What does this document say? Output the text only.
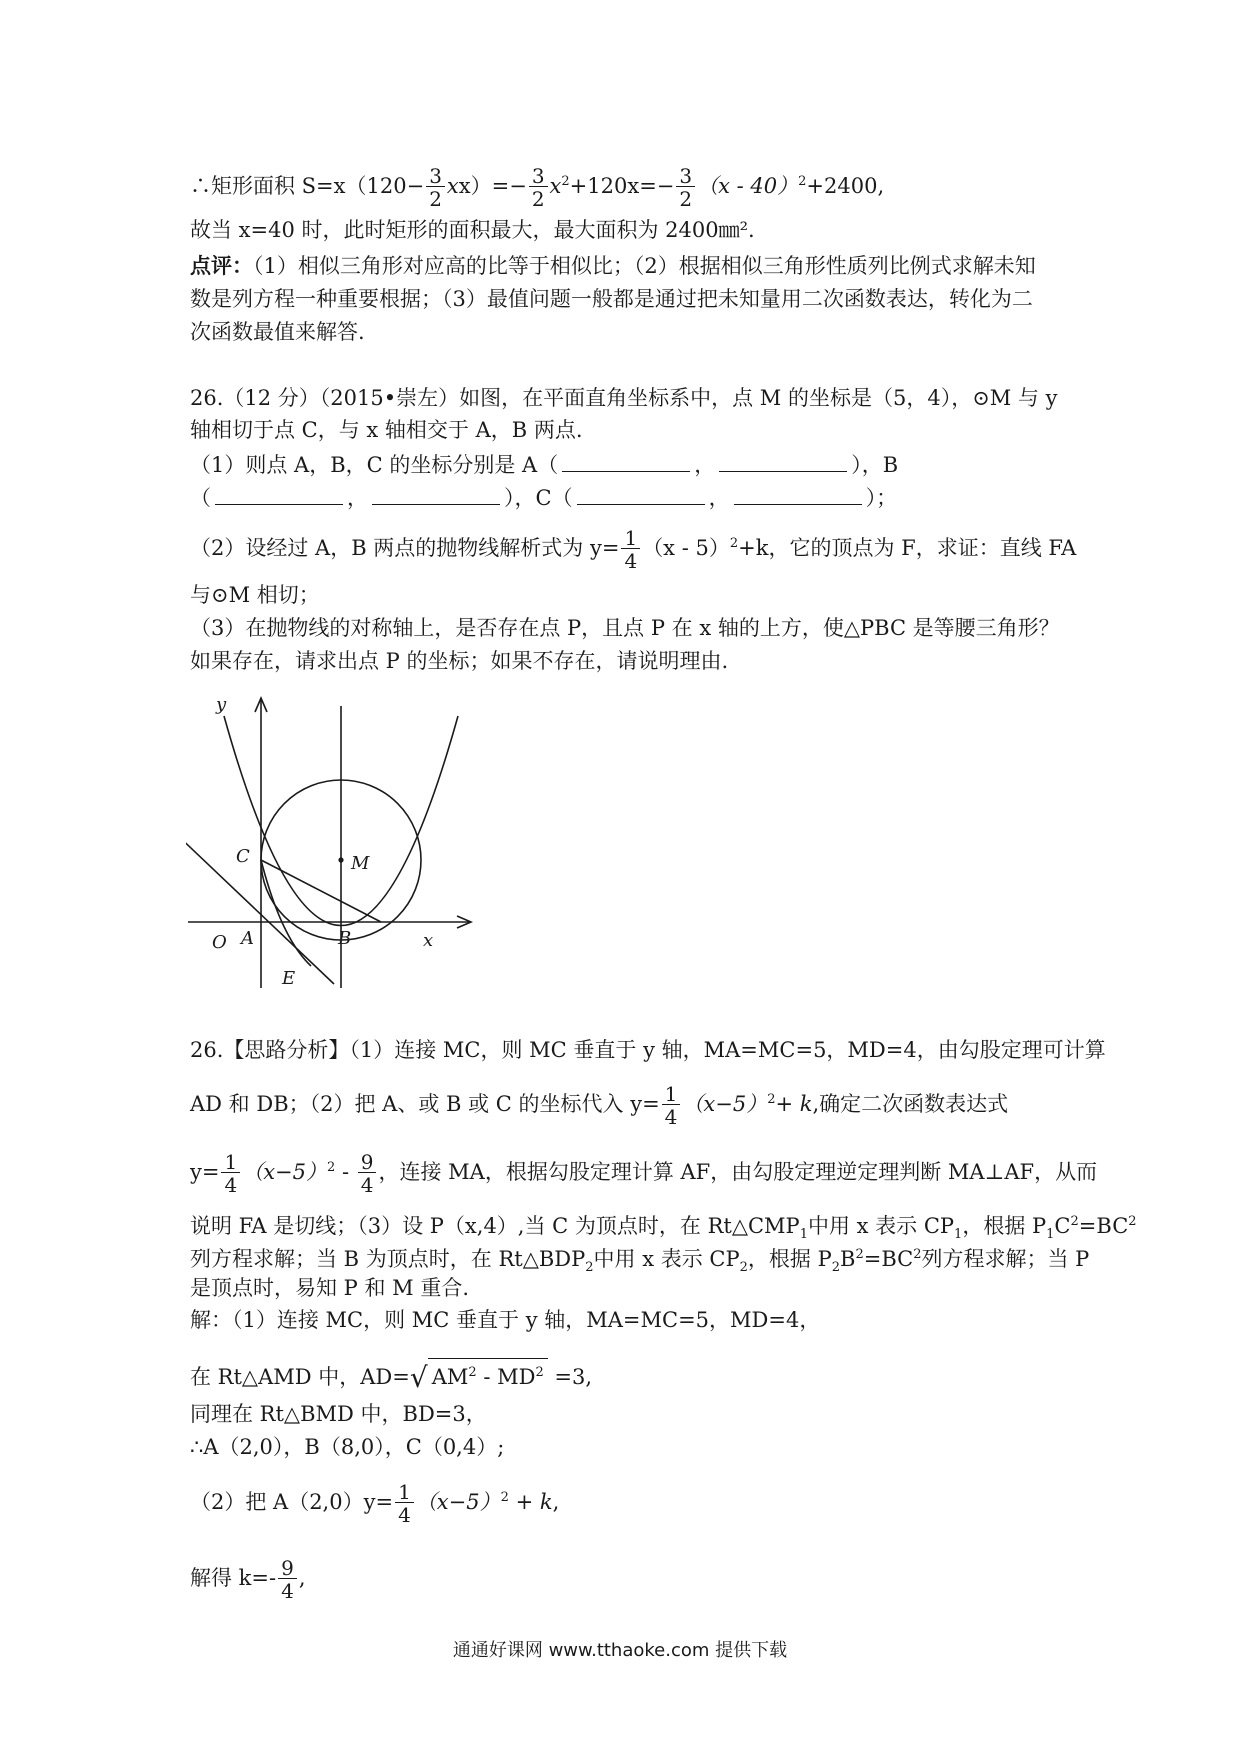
∴矩形面积 $S=x(120- \frac{3}{2} xx)=- \frac{3}{2} x^2+120x=- \frac{3}{2} (x - 40)^2+2400$,
故当 x=40 时，此时矩形的面积最大，最大面积为 2400㎜².
点评：（1）相似三角形对应高的比等于相似比；（2）根据相似三角形性质列比例式求解未知
数是列方程一种重要根据；（3）最值问题一般都是通过把未知量用二次函数表达，转化为二
次函数最值来解答.
26.（12 分）（2015•崇左）如图，在平面直角坐标系中，点 M 的坐标是（5，4），⊙M 与 y
轴相切于点 C，与 x 轴相交于 A，B 两点.
（1）则点 A，B，C 的坐标分别是 A（	，	），B
（	，	），C（	，	）；
（2）设经过 A，B 两点的抛物线解析式为 $y= \frac{1}{4} (x - 5)^2+k$，它的顶点为 F，求证：直线 FA
与⊙M 相切；
（3）在抛物线的对称轴上，是否存在点 P，且点 P 在 x 轴的上方，使△PBC 是等腰三角形？
如果存在，请求出点 P 的坐标；如果不存在，请说明理由.
y
x
C	M
O A	B
E
26.【思路分析】（1）连接 MC，则 MC 垂直于 y 轴，MA=MC=5，MD=4，由勾股定理可计算
AD 和 DB；（2）把 A、或 B 或 C 的坐标代入 $y= \frac{1}{4} (x-5)^2+ k$,确定二次函数表达式
$y= \frac{1}{4} (x-5)^2 - \frac{9}{4}$ ，连接 MA，根据勾股定理计算 AF，由勾股定理逆定理判断 MA⊥AF，从而
说明 FA 是切线；（3）设 P（x,4）,当 C 为顶点时，在 $Rt\triangle CMP_1$中用 x 表示 $CP_1$，根据 $P_1C^2=BC^2$
列方程求解；当 B 为顶点时，在 $Rt\triangle BDP_2$中用 x 表示 $CP_2$，根据 $P_2B^2=BC^2$列方程求解；当 P
是顶点时，易知 P 和 M 重合.
解：（1）连接 MC，则 MC 垂直于 y 轴，MA=MC=5，MD=4，
在 Rt△AMD 中，AD=√ $AM^2 - MD^2 =3$,
同理在 Rt△BMD 中，BD=3，
∴A（2,0），B（8,0），C（0,4）;
（2）把 $A(2,0)y= \frac{1}{4} (x-5)^2 + k$,
解得 $k=- \frac{9}{4}$ ,
通通好课网 www.tthaoke.com 提供下载
